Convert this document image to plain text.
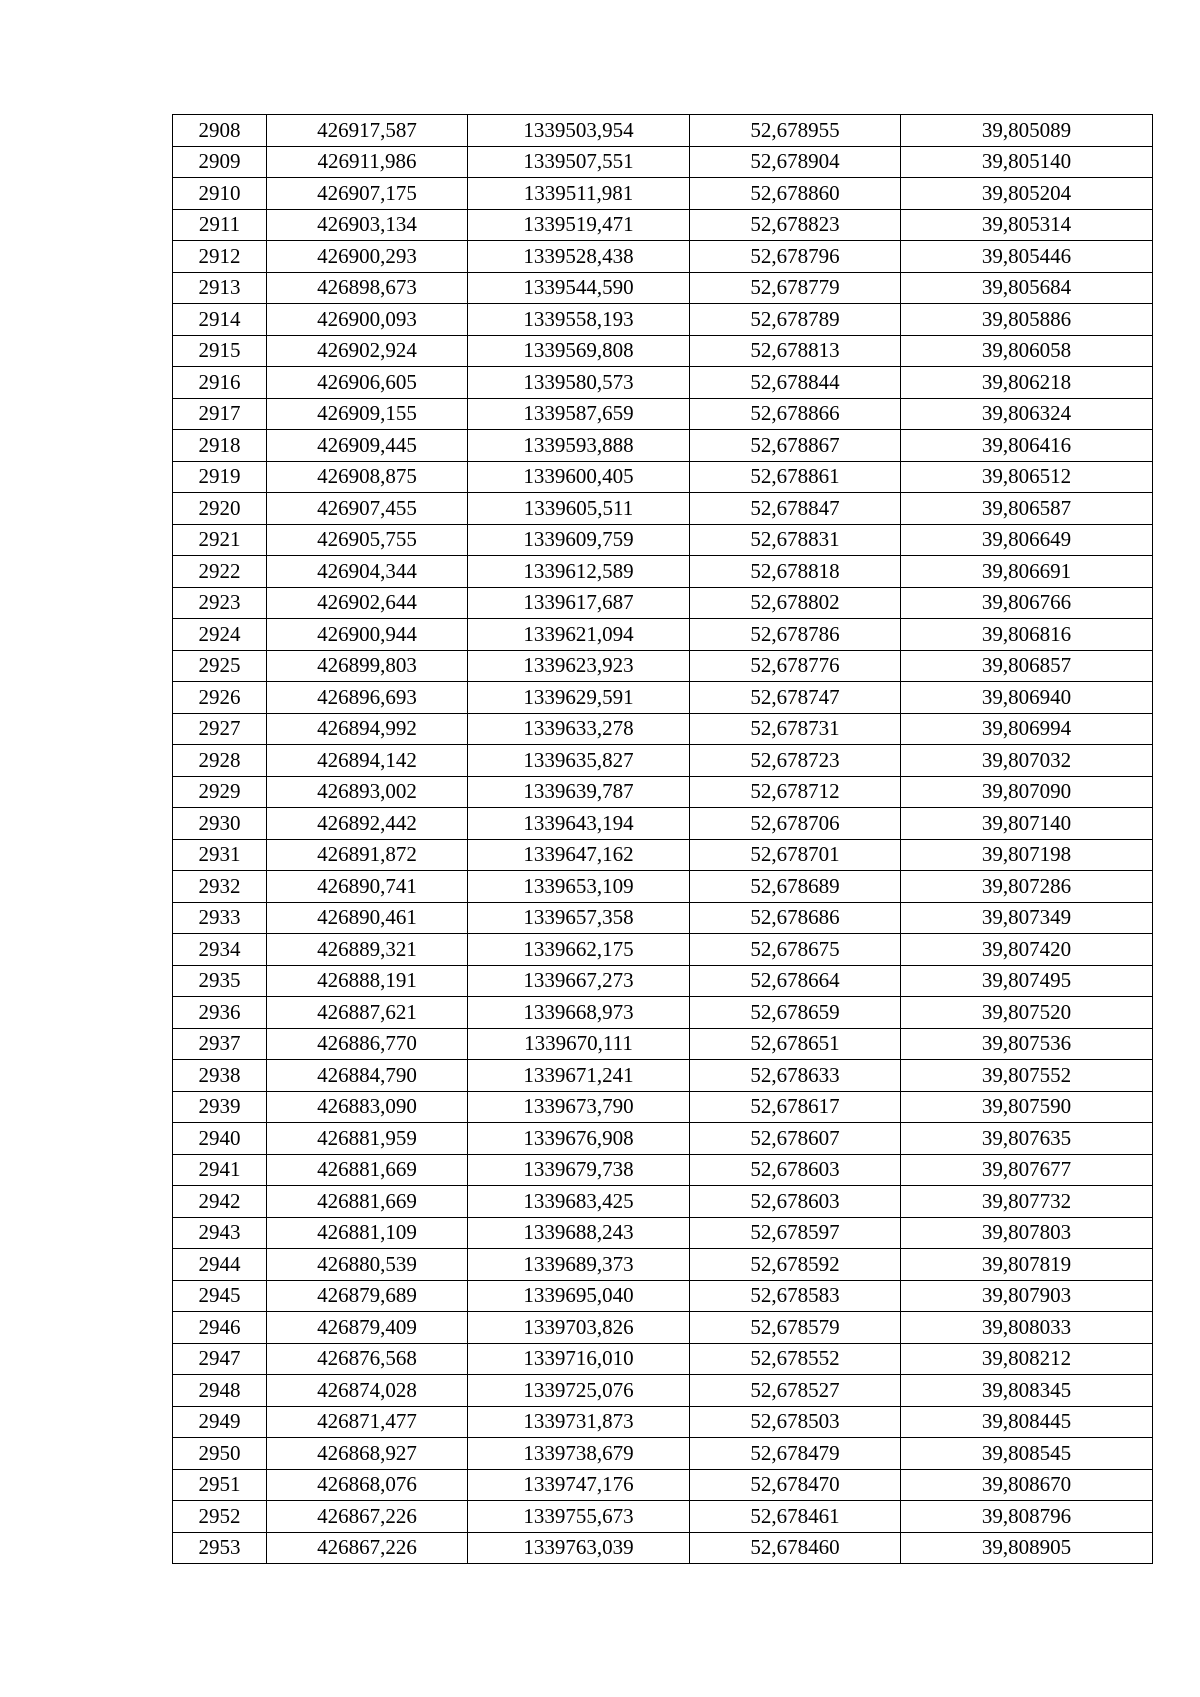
2908	426917,587	1339503,954	52,678955	39,805089
2909	426911,986	1339507,551	52,678904	39,805140
2910	426907,175	1339511,981	52,678860	39,805204
2911	426903,134	1339519,471	52,678823	39,805314
2912	426900,293	1339528,438	52,678796	39,805446
2913	426898,673	1339544,590	52,678779	39,805684
2914	426900,093	1339558,193	52,678789	39,805886
2915	426902,924	1339569,808	52,678813	39,806058
2916	426906,605	1339580,573	52,678844	39,806218
2917	426909,155	1339587,659	52,678866	39,806324
2918	426909,445	1339593,888	52,678867	39,806416
2919	426908,875	1339600,405	52,678861	39,806512
2920	426907,455	1339605,511	52,678847	39,806587
2921	426905,755	1339609,759	52,678831	39,806649
2922	426904,344	1339612,589	52,678818	39,806691
2923	426902,644	1339617,687	52,678802	39,806766
2924	426900,944	1339621,094	52,678786	39,806816
2925	426899,803	1339623,923	52,678776	39,806857
2926	426896,693	1339629,591	52,678747	39,806940
2927	426894,992	1339633,278	52,678731	39,806994
2928	426894,142	1339635,827	52,678723	39,807032
2929	426893,002	1339639,787	52,678712	39,807090
2930	426892,442	1339643,194	52,678706	39,807140
2931	426891,872	1339647,162	52,678701	39,807198
2932	426890,741	1339653,109	52,678689	39,807286
2933	426890,461	1339657,358	52,678686	39,807349
2934	426889,321	1339662,175	52,678675	39,807420
2935	426888,191	1339667,273	52,678664	39,807495
2936	426887,621	1339668,973	52,678659	39,807520
2937	426886,770	1339670,111	52,678651	39,807536
2938	426884,790	1339671,241	52,678633	39,807552
2939	426883,090	1339673,790	52,678617	39,807590
2940	426881,959	1339676,908	52,678607	39,807635
2941	426881,669	1339679,738	52,678603	39,807677
2942	426881,669	1339683,425	52,678603	39,807732
2943	426881,109	1339688,243	52,678597	39,807803
2944	426880,539	1339689,373	52,678592	39,807819
2945	426879,689	1339695,040	52,678583	39,807903
2946	426879,409	1339703,826	52,678579	39,808033
2947	426876,568	1339716,010	52,678552	39,808212
2948	426874,028	1339725,076	52,678527	39,808345
2949	426871,477	1339731,873	52,678503	39,808445
2950	426868,927	1339738,679	52,678479	39,808545
2951	426868,076	1339747,176	52,678470	39,808670
2952	426867,226	1339755,673	52,678461	39,808796
2953	426867,226	1339763,039	52,678460	39,808905
